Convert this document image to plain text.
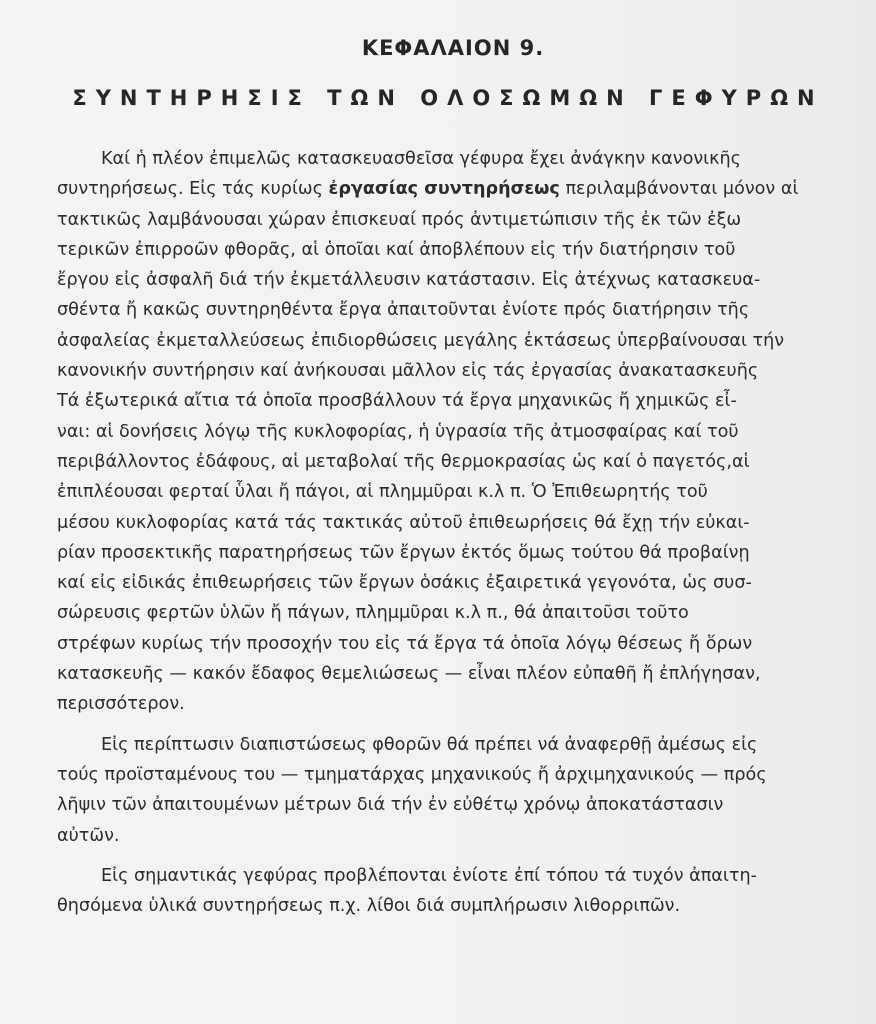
ΚΕΦΑΛΑΙΟΝ 9.
ΣΥΝΤΗΡΗΣΙΣ ΤΩΝ ΟΛΟΣΩΜΩΝ ΓΕΦΥΡΩΝ
Καί ἡ πλέον ἐπιμελῶς κατασκευασθεῖσα γέφυρα ἔχει ἀνάγκην κανονικῆς
συντηρήσεως. Εἰς τάς κυρίως ἐργασίας συντηρήσεως περιλαμβάνονται μόνον αἱ
τακτικῶς λαμβάνουσαι χώραν ἐπισκευαί πρός ἀντιμετώπισιν τῆς ἐκ τῶν ἐξω
τερικῶν ἐπιρροῶν φθορᾶς, αἱ ὁποῖαι καί ἀποβλέπουν εἰς τήν διατήρησιν τοῦ
ἔργου εἰς ἀσφαλῆ διά τήν ἐκμετάλλευσιν κατάστασιν. Εἰς ἀτέχνως κατασκευα-
σθέντα ἤ κακῶς συντηρηθέντα ἔργα ἀπαιτοῦνται ἐνίοτε πρός διατήρησιν τῆς
ἀσφαλείας ἐκμεταλλεύσεως ἐπιδιορθώσεις μεγάλης ἐκτάσεως ὑπερβαίνουσαι τήν
κανονικήν συντήρησιν καί ἀνήκουσαι μᾶλλον εἰς τάς ἐργασίας ἀνακατασκευῆς
Τά ἐξωτερικά αἴτια τά ὁποῖα προσβάλλουν τά ἔργα μηχανικῶς ἤ χημικῶς εἶ-
ναι: αἱ δονήσεις λόγῳ τῆς κυκλοφορίας, ἡ ὑγρασία τῆς ἀτμοσφαίρας καί τοῦ
περιβάλλοντος ἐδάφους, αἱ μεταβολαί τῆς θερμοκρασίας ὡς καί ὁ παγετός,αἱ
ἐπιπλέουσαι φερταί ὗλαι ἤ πάγοι, αἱ πλημμῦραι κ.λ π. Ὁ Ἐπιθεωρητής τοῦ
μέσου κυκλοφορίας κατά τάς τακτικάς αὐτοῦ ἐπιθεωρήσεις θά ἔχῃ τήν εὐκαι-
ρίαν προσεκτικῆς παρατηρήσεως τῶν ἔργων ἐκτός ὅμως τούτου θά προβαίνῃ
καί εἰς εἰδικάς ἐπιθεωρήσεις τῶν ἔργων ὁσάκις ἐξαιρετικά γεγονότα, ὡς συσ-
σώρευσις φερτῶν ὑλῶν ἤ πάγων, πλημμῦραι κ.λ π., θά ἀπαιτοῦσι τοῦτο
στρέφων κυρίως τήν προσοχήν του εἰς τά ἔργα τά ὁποῖα λόγῳ θέσεως ἤ ὅρων
κατασκευῆς — κακόν ἔδαφος θεμελιώσεως — εἶναι πλέον εὐπαθῆ ἤ ἐπλήγησαν,
περισσότερον.
Εἰς περίπτωσιν διαπιστώσεως φθορῶν θά πρέπει νά ἀναφερθῇ ἀμέσως εἰς
τούς προϊσταμένους του — τμηματάρχας μηχανικούς ἤ ἀρχιμηχανικούς — πρός
λῆψιν τῶν ἀπαιτουμένων μέτρων διά τήν ἐν εὐθέτῳ χρόνῳ ἀποκατάστασιν
αὐτῶν.
Εἰς σημαντικάς γεφύρας προβλέπονται ἐνίοτε ἐπί τόπου τά τυχόν ἀπαιτη-
θησόμενα ὑλικά συντηρήσεως π.χ. λίθοι διά συμπλήρωσιν λιθορριπῶν.
